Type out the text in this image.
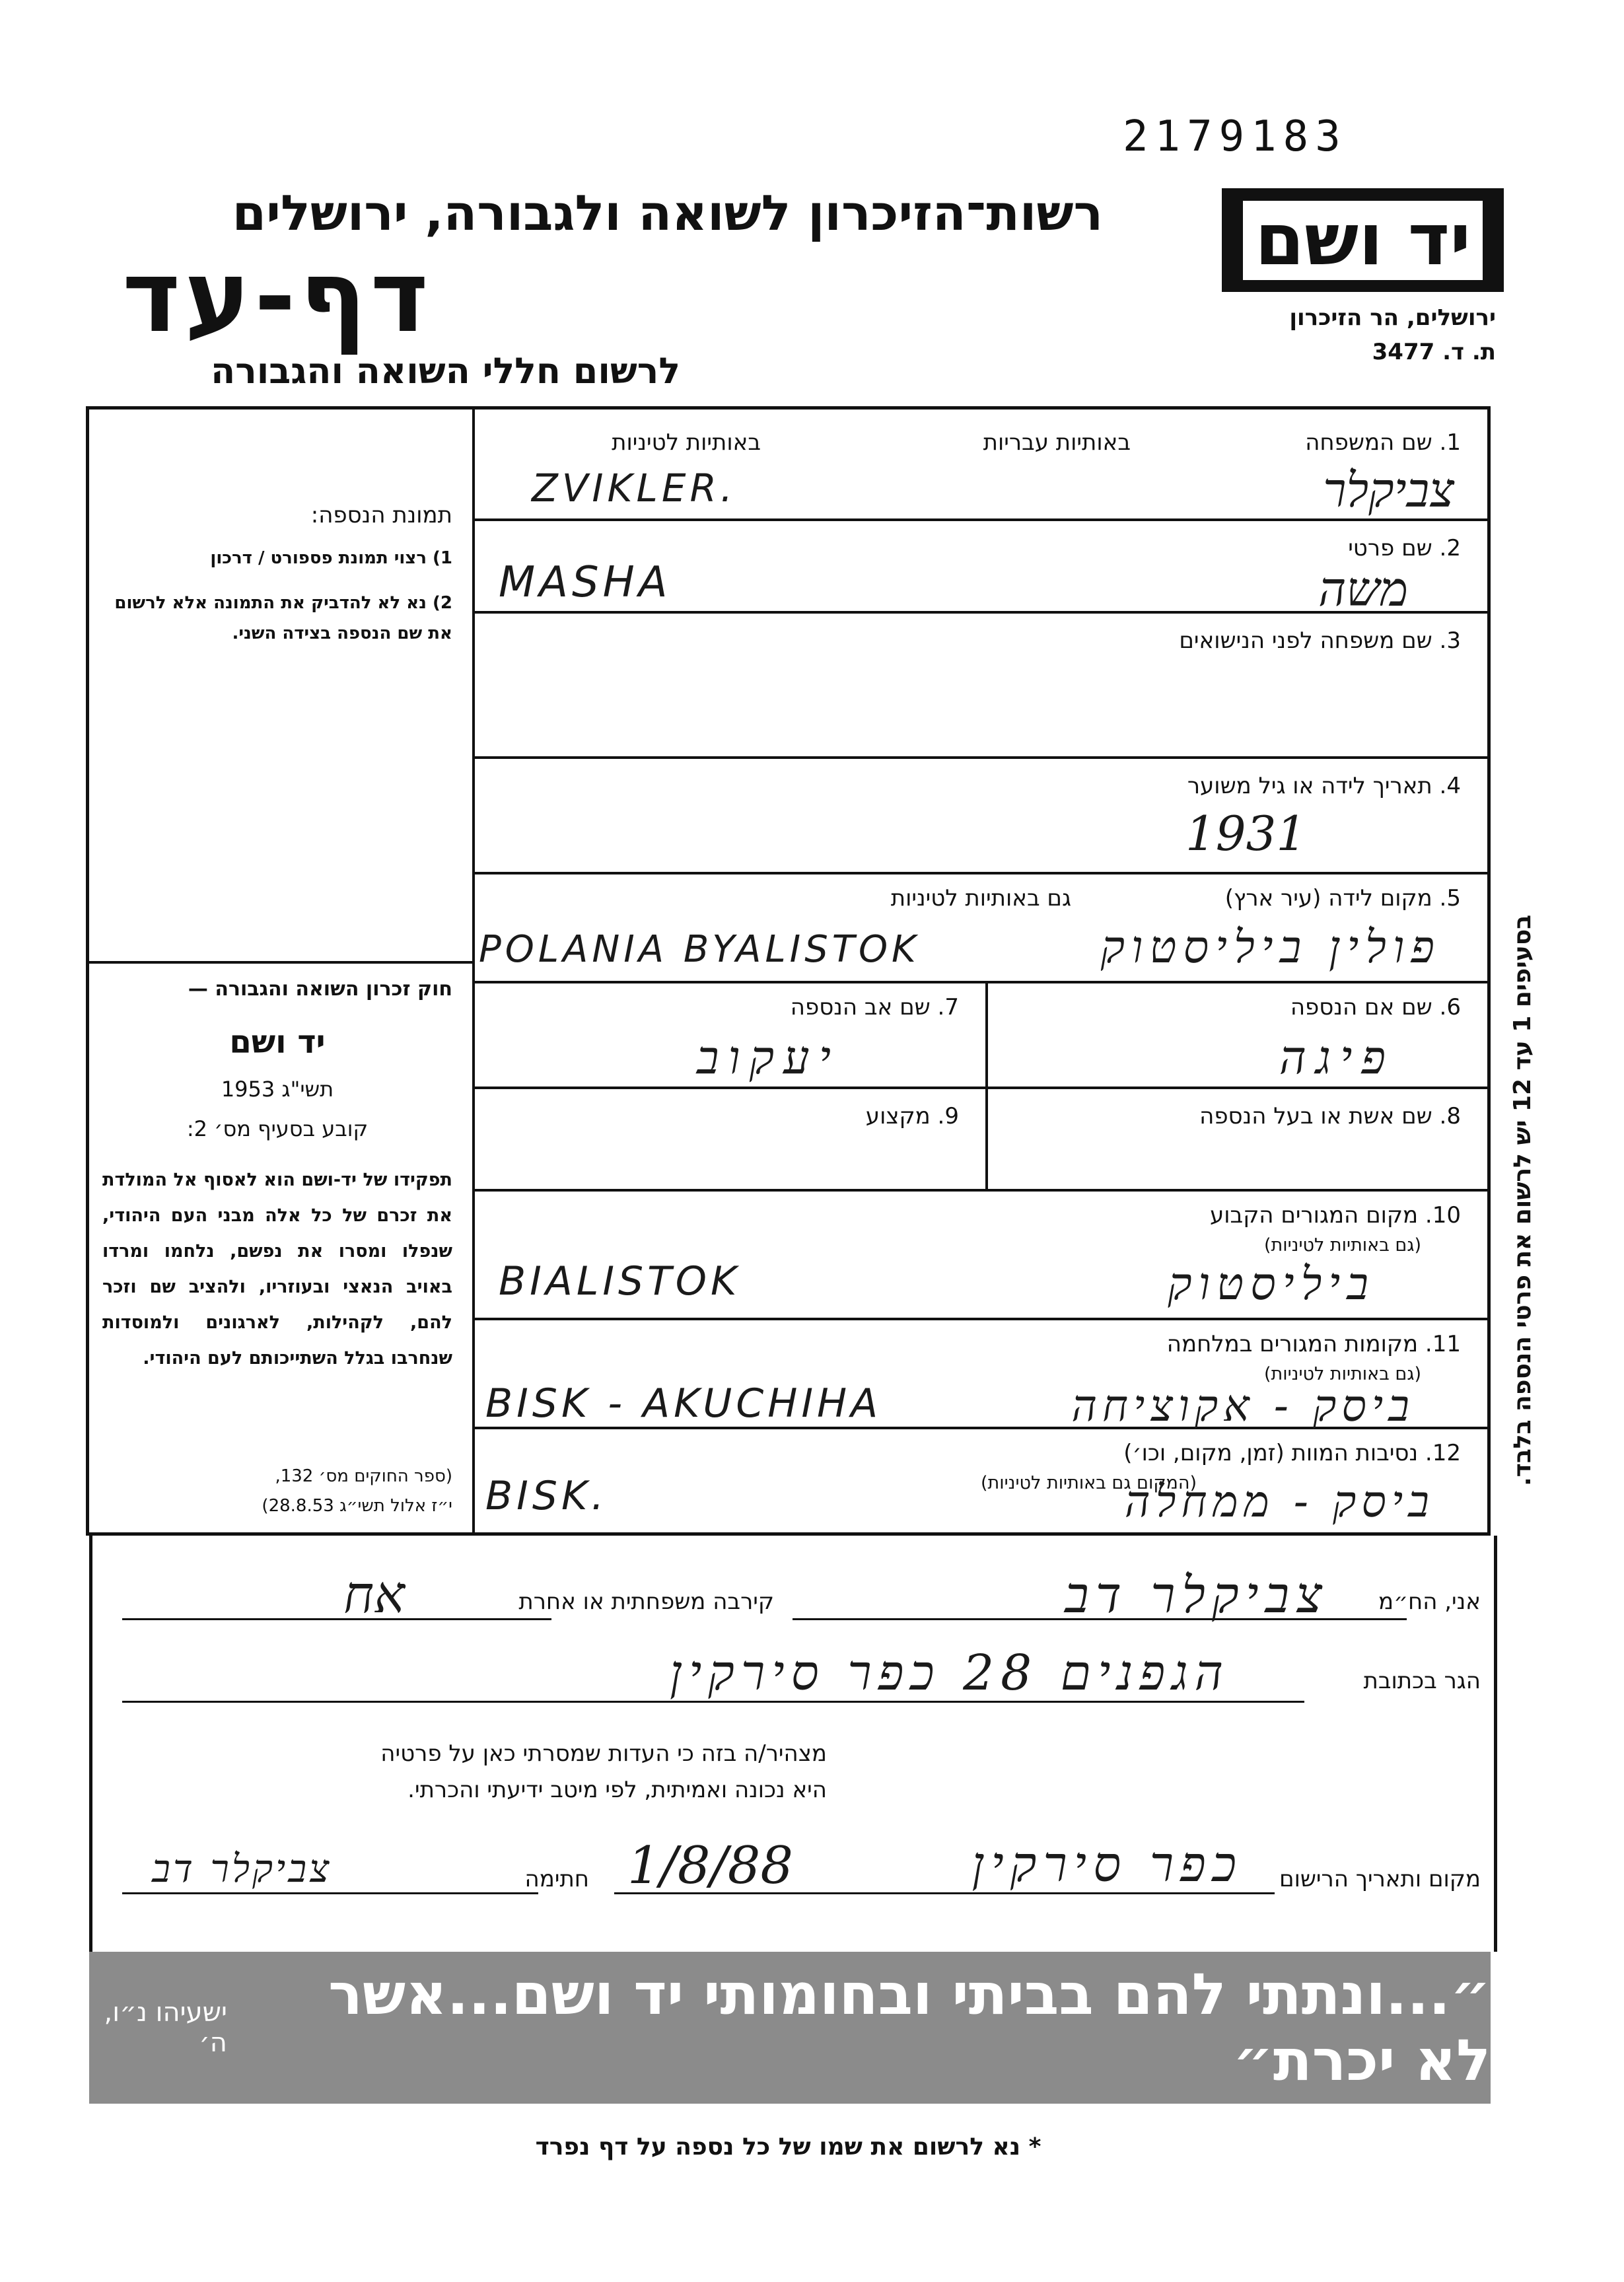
2179183
יד ושם
ירושלים, הר הזיכרון
ת. ד. 3477
רשות־הזיכרון לשואה ולגבורה, ירושלים
דף-עד
לרשום חללי השואה והגבורה
תמונת הנספה:
1) רצוי תמונת פספורט / דרכון
2) נא לא להדביק את התמונה אלא לרשום את שם הנספה בצידה השני.
חוק זכרון השואה והגבורה —
יד ושם
תשי"ג 1953
קובע בסעיף מס׳ 2:
תפקידו של יד-ושם הוא לאסוף אל המולדת את זכרם של כל אלה מבני העם היהודי, שנפלו ומסרו את נפשם, נלחמו ומרדו באויב הנאצי ובעוזריו, ולהציב שם וזכר להם, לקהילות, לארגונים ולמוסדות שנחרבו בגלל השתייכותם לעם היהודי.
(ספר החוקים מס׳ 132,
י״ז אלול תשי״ג 28.8.53)
1. שם המשפחה
באותיות עבריות
באותיות לטיניות
ZVIKLER.	צביקלר
2. שם פרטי
MASHA	משה
3. שם משפחה לפני הנישואים
4. תאריך לידה או גיל משוער
1931
5. מקום לידה (עיר ארץ)
גם באותיות לטיניות
POLANIA BYALISTOK	פולין ביליסטוק
6. שם אם הנספה
פיגה
7. שם אב הנספה
יעקוב
8. שם אשת או בעל הנספה
9. מקצוע
10. מקום המגורים הקבוע
(גם באותיות לטיניות)
BIALISTOK	ביליסטוק
11. מקומות המגורים במלחמה
(גם באותיות לטיניות)
BISK - AKUCHIHA	ביסק - אקוציחה
12. נסיבות המוות (זמן, מקום, וכו׳)
(המקום גם באותיות לטיניות)
BISK.	ביסק - ממחלה
אני, הח״מ
צביקלר דב
קירבה משפחתית או אחרת
אח
הגר בכתובת
הגפנים 28 כפר סירקין
מצהיר/ה בזה כי העדות שמסרתי כאן על פרטיה
היא נכונה ואמיתית, לפי מיטב ידיעתי והכרתי.
מקום ותאריך הרישום
1/8/88	כפר סירקין
חתימה
צביקלר דב
״...ונתתי להם בביתי ובחומותי יד ושם...אשר לא יכרת״
ישעיהו נ״ו, ה׳
* נא לרשום את שמו של כל נספה על דף נפרד
בסעיפים 1 עד 12 יש לרשום את פרטי הנספה בלבד.
